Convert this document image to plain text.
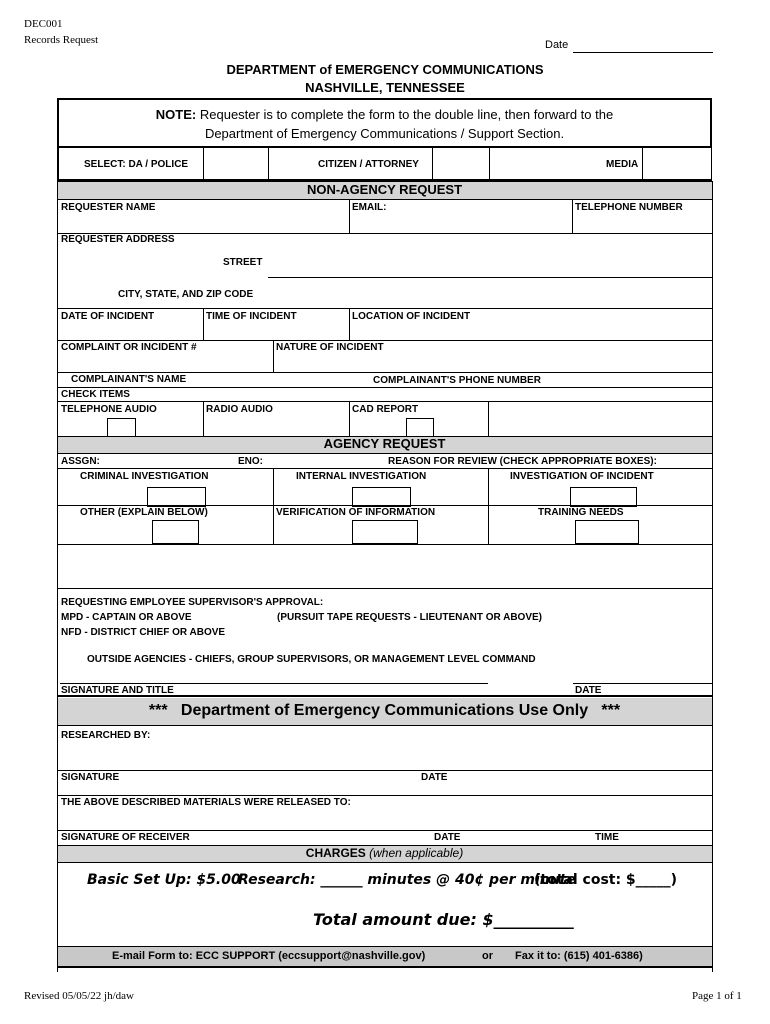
DEC001
Records Request	Date
DEPARTMENT of EMERGENCY COMMUNICATIONS
NASHVILLE, TENNESSEE
NOTE: Requester is to complete the form to the double line, then forward to the
Department of Emergency Communications / Support Section.
SELECT: DA / POLICE	CITIZEN / ATTORNEY	MEDIA
NON-AGENCY REQUEST
REQUESTER NAME	EMAIL:	TELEPHONE NUMBER
REQUESTER ADDRESS
STREET
CITY, STATE, AND ZIP CODE
DATE OF INCIDENT	TIME OF INCIDENT	LOCATION OF INCIDENT
COMPLAINT OR INCIDENT #	NATURE OF INCIDENT
COMPLAINANT'S NAME	COMPLAINANT'S PHONE NUMBER
CHECK ITEMS
TELEPHONE AUDIO	RADIO AUDIO	CAD REPORT
AGENCY REQUEST
ASSGN:	ENO:	REASON FOR REVIEW (CHECK APPROPRIATE BOXES):
CRIMINAL INVESTIGATION	INTERNAL INVESTIGATION	INVESTIGATION OF INCIDENT
OTHER (EXPLAIN BELOW)	VERIFICATION OF INFORMATION	TRAINING NEEDS
REQUESTING EMPLOYEE SUPERVISOR'S APPROVAL:
MPD - CAPTAIN OR ABOVE	(PURSUIT TAPE REQUESTS - LIEUTENANT OR ABOVE)
NFD - DISTRICT CHIEF OR ABOVE
OUTSIDE AGENCIES - CHIEFS, GROUP SUPERVISORS, OR MANAGEMENT LEVEL COMMAND
SIGNATURE AND TITLE	DATE
***   Department of Emergency Communications Use Only   ***
RESEARCHED BY:
SIGNATURE	DATE
THE ABOVE DESCRIBED MATERIALS WERE RELEASED TO:
SIGNATURE OF RECEIVER	DATE	TIME
CHARGES (when applicable)
Basic Set Up: $5.00
Research: ______ minutes @ 40¢ per minute
(total cost: $_____)
Total amount due: $__________
E-mail Form to: ECC SUPPORT (eccsupport@nashville.gov)	or Fax it to: (615) 401-6386)
Revised 05/05/22 jh/daw	Page 1 of 1
